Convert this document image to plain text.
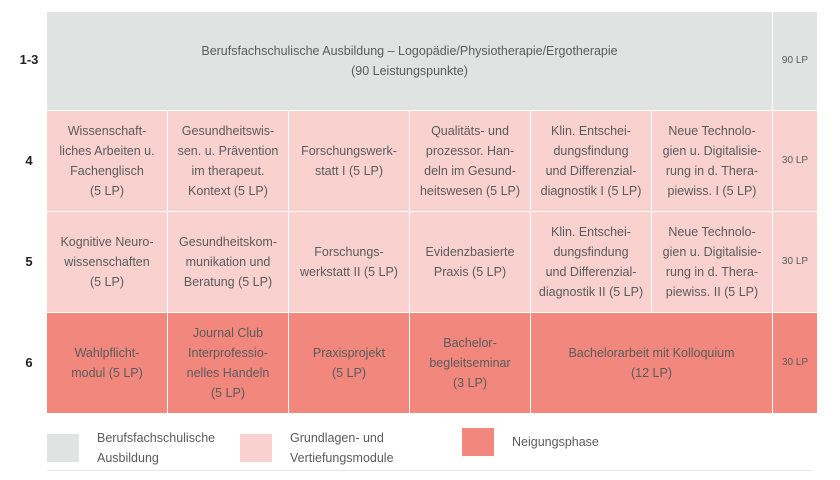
1-3
4
5
6
Berufsfachschulische Ausbildung – Logopädie/Physiotherapie/Ergotherapie
(90 Leistungspunkte)
90 LP
Wissenschaft-
liches Arbeiten u.
Fachenglisch
(5 LP)
Gesundheitswis-
sen. u. Prävention
im therapeut.
Kontext (5 LP)
Forschungswerk-
statt I (5 LP)
Qualitäts- und
prozessor. Han-
deln im Gesund-
heitswesen (5 LP)
Klin. Entschei-
dungsfindung
und Differenzial-
diagnostik I (5 LP)
Neue Technolo-
gien u. Digitalisie-
rung in d. Thera-
piewiss. I (5 LP)
30 LP
Kognitive Neuro-
wissenschaften
(5 LP)
Gesundheitskom-
munikation und
Beratung (5 LP)
Forschungs-
werkstatt II (5 LP)
Evidenzbasierte
Praxis (5 LP)
Klin. Entschei-
dungsfindung
und Differenzial-
diagnostik II (5 LP)
Neue Technolo-
gien u. Digitalisie-
rung in d. Thera-
piewiss. II (5 LP)
30 LP
Wahlpflicht-
modul (5 LP)
Journal Club
Interprofessio-
nelles Handeln
(5 LP)
Praxisprojekt
(5 LP)
Bachelor-
begleitseminar
(3 LP)
Bachelorarbeit mit Kolloquium
(12 LP)
30 LP
Berufsfachschulische
Ausbildung
Grundlagen- und
Vertiefungsmodule
Neigungsphase
